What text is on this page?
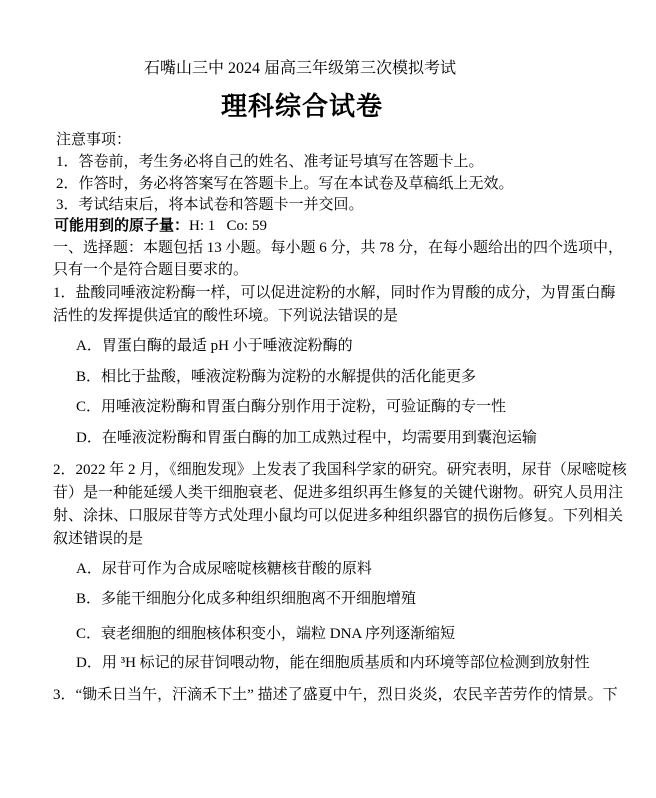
石嘴山三中 2024 届高三年级第三次模拟考试
理科综合试卷
注意事项：
1．答卷前，考生务必将自己的姓名、准考证号填写在答题卡上。
2．作答时，务必将答案写在答题卡上。写在本试卷及草稿纸上无效。
3．考试结束后，将本试卷和答题卡一并交回。
可能用到的原子量：H: 1   Co: 59
一、选择题：本题包括 13 小题。每小题 6 分，共 78 分，在每小题给出的四个选项中，
只有一个是符合题目要求的。
1．盐酸同唾液淀粉酶一样，可以促进淀粉的水解，同时作为胃酸的成分，为胃蛋白酶
活性的发挥提供适宜的酸性环境。下列说法错误的是
A．胃蛋白酶的最适 pH 小于唾液淀粉酶的
B．相比于盐酸，唾液淀粉酶为淀粉的水解提供的活化能更多
C．用唾液淀粉酶和胃蛋白酶分别作用于淀粉，可验证酶的专一性
D．在唾液淀粉酶和胃蛋白酶的加工成熟过程中，均需要用到囊泡运输
2．2022 年 2 月，《细胞发现》上发表了我国科学家的研究。研究表明，尿苷（尿嘧啶核
苷）是一种能延缓人类干细胞衰老、促进多组织再生修复的关键代谢物。研究人员用注
射、涂抹、口服尿苷等方式处理小鼠均可以促进多种组织器官的损伤后修复。下列相关
叙述错误的是
A．尿苷可作为合成尿嘧啶核糖核苷酸的原料
B．多能干细胞分化成多种组织细胞离不开细胞增殖
C．衰老细胞的细胞核体积变小，端粒 DNA 序列逐渐缩短
D．用 ³H 标记的尿苷饲喂动物，能在细胞质基质和内环境等部位检测到放射性
3．“锄禾日当午，汗滴禾下土” 描述了盛夏中午，烈日炎炎，农民辛苦劳作的情景。下
